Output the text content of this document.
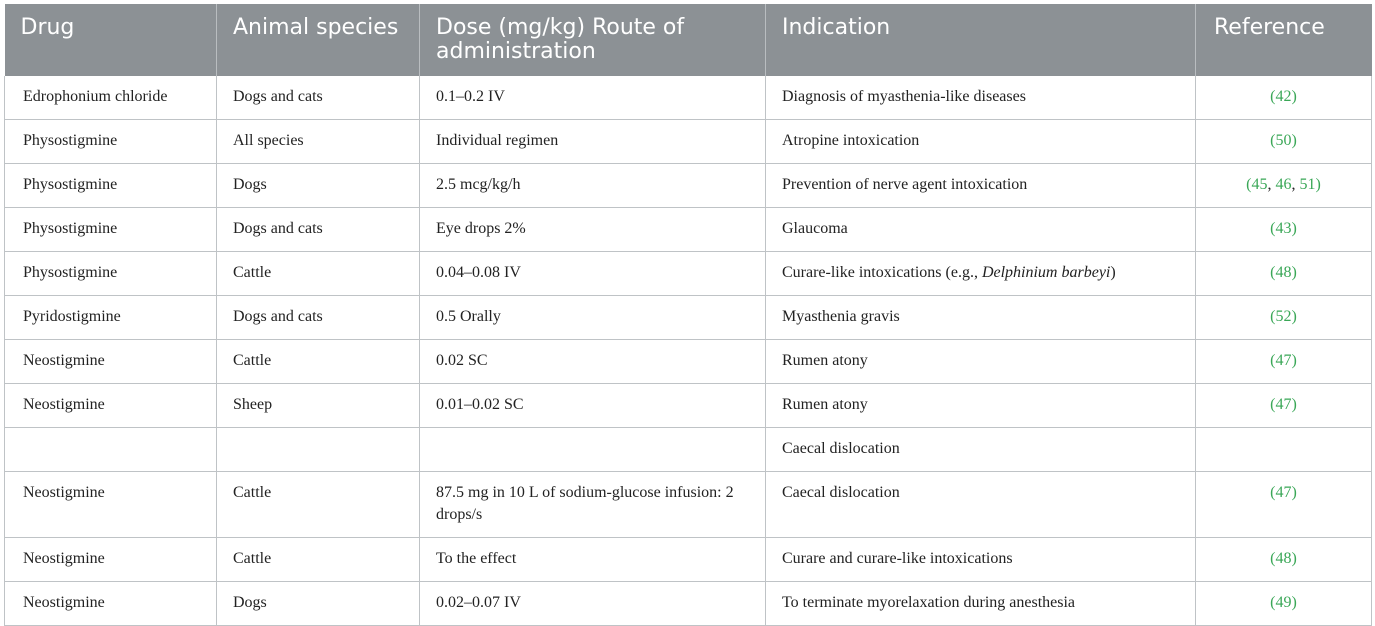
Drug	Animal species	Dose (mg/kg) Route of administration	Indication	Reference
Edrophonium chloride	Dogs and cats	0.1–0.2 IV	Diagnosis of myasthenia-like diseases	(42)
Physostigmine	All species	Individual regimen	Atropine intoxication	(50)
Physostigmine	Dogs	2.5 mcg/kg/h	Prevention of nerve agent intoxication	(45, 46, 51)
Physostigmine	Dogs and cats	Eye drops 2%	Glaucoma	(43)
Physostigmine	Cattle	0.04–0.08 IV	Curare-like intoxications (e.g., Delphinium barbeyi)	(48)
Pyridostigmine	Dogs and cats	0.5 Orally	Myasthenia gravis	(52)
Neostigmine	Cattle	0.02 SC	Rumen atony	(47)
Neostigmine	Sheep	0.01–0.02 SC	Rumen atony	(47)
			Caecal dislocation	
Neostigmine	Cattle	87.5 mg in 10 L of sodium-glucose infusion: 2 drops/s	Caecal dislocation	(47)
Neostigmine	Cattle	To the effect	Curare and curare-like intoxications	(48)
Neostigmine	Dogs	0.02–0.07 IV	To terminate myorelaxation during anesthesia	(49)
